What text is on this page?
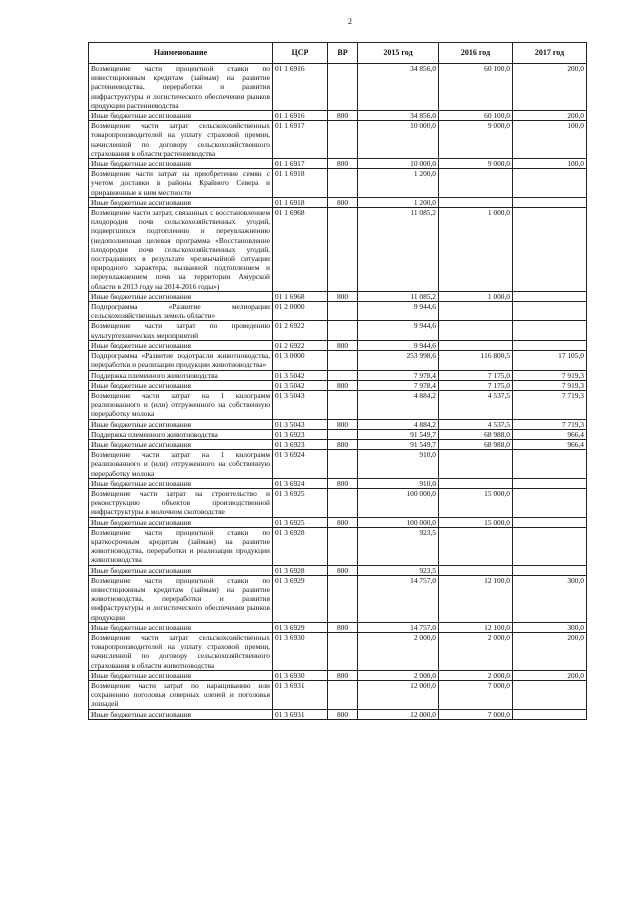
2
Наименование	ЦСР	ВР	2015 год	2016 год	2017 год
Возмещение части процентной ставки по инвестиционным кредитам (займам) на развитие растениеводства, переработки и развития инфраструктуры и логистического обеспечения рынков продукции растениеводства	01 1 6916		34 856,0	60 100,0	200,0
Иные бюджетные ассигнования	01 1 6916	800	34 856,0	60 100,0	200,0
Возмещение части затрат сельскохозяйственных товаропроизводителей на уплату страховой премии, начисленной по договору сельскохозяйственного страхования в области растениеводства	01 1 6917		10 000,0	9 000,0	100,0
Иные бюджетные ассигнования	01 1 6917	800	10 000,0	9 000,0	100,0
Возмещение части затрат на приобретение семян с учетом доставки в районы Крайнего Севера и приравненные к ним местности	01 1 6918		1 200,0		
Иные бюджетные ассигнования	01 1 6918	800	1 200,0		
Возмещение части затрат, связанных с восстановлением плодородия почв сельскохозяйственных угодий, подвергшихся подтоплению и переувлажнению (недополненная целевая программа «Восстановление плодородия почв сельскохозяйственных угодий, пострадавших в результате чрезвычайной ситуации природного характера, вызванной подтоплением и переувлажнением почв на территории Амурской области в 2013 году на 2014-2016 годы»)	01 1 6968		11 085,2	1 000,0	
Иные бюджетные ассигнования	01 1 6968	800	11 085,2	1 000,0	
Подпрограмма «Развитие мелиорации сельскохозяйственных земель области»	01 2 0000		9 944,6		
Возмещение части затрат по проведению культуртехнических мероприятий	01 2 6922		9 944,6		
Иные бюджетные ассигнования	01 2 6922	800	9 944,6		
Подпрограмма «Развитие подотрасли животноводства, переработки и реализации продукции животноводства»	01 3 0000		253 998,6	116 800,5	17 105,0
Поддержка племенного животноводства	01 3 5042		7 978,4	7 175,0	7 919,3
Иные бюджетные ассигнования	01 3 5042	800	7 978,4	7 175,0	7 919,3
Возмещение части затрат на 1 килограмм реализованного и (или) отгруженного на собственную переработку молока	01 3 5043		4 884,2	4 537,5	7 719,3
Иные бюджетные ассигнования	01 3 5043	800	4 884,2	4 537,5	7 719,3
Поддержка племенного животноводства	01 3 6923		91 549,7	68 988,0	966,4
Иные бюджетные ассигнования	01 3 6923	800	91 549,7	68 988,0	966,4
Возмещение части затрат на 1 килограмм реализованного и (или) отгруженного на собственную переработку молока	01 3 6924		910,0		
Иные бюджетные ассигнования	01 3 6924	800	910,0		
Возмещение части затрат на строительство и реконструкцию объектов производственной инфраструктуры в молочном скотоводстве	01 3 6925		100 000,0	15 000,0	
Иные бюджетные ассигнования	01 3 6925	800	100 000,0	15 000,0	
Возмещение части процентной ставки по краткосрочным кредитам (займам) на развитие животноводства, переработки и реализации продукции животноводства	01 3 6928		923,5		
Иные бюджетные ассигнования	01 3 6928	800	923,5		
Возмещение части процентной ставки по инвестиционным кредитам (займам) на развитие животноводства, переработки и развития инфраструктуры и логистического обеспечения рынков продукции	01 3 6929		14 757,0	12 100,0	300,0
Иные бюджетные ассигнования	01 3 6929	800	14 757,0	12 100,0	300,0
Возмещение части затрат сельскохозяйственных товаропроизводителей на уплату страховой премии, начисленной по договору сельскохозяйственного страхования в области животноводства	01 3 6930		2 000,0	2 000,0	200,0
Иные бюджетные ассигнования	01 3 6930	800	2 000,0	2 000,0	200,0
Возмещение части затрат по наращиванию или сохранению поголовья северных оленей и поголовья лошадей	01 3 6931		12 000,0	7 000,0	
Иные бюджетные ассигнования	01 3 6931	800	12 000,0	7 000,0	
